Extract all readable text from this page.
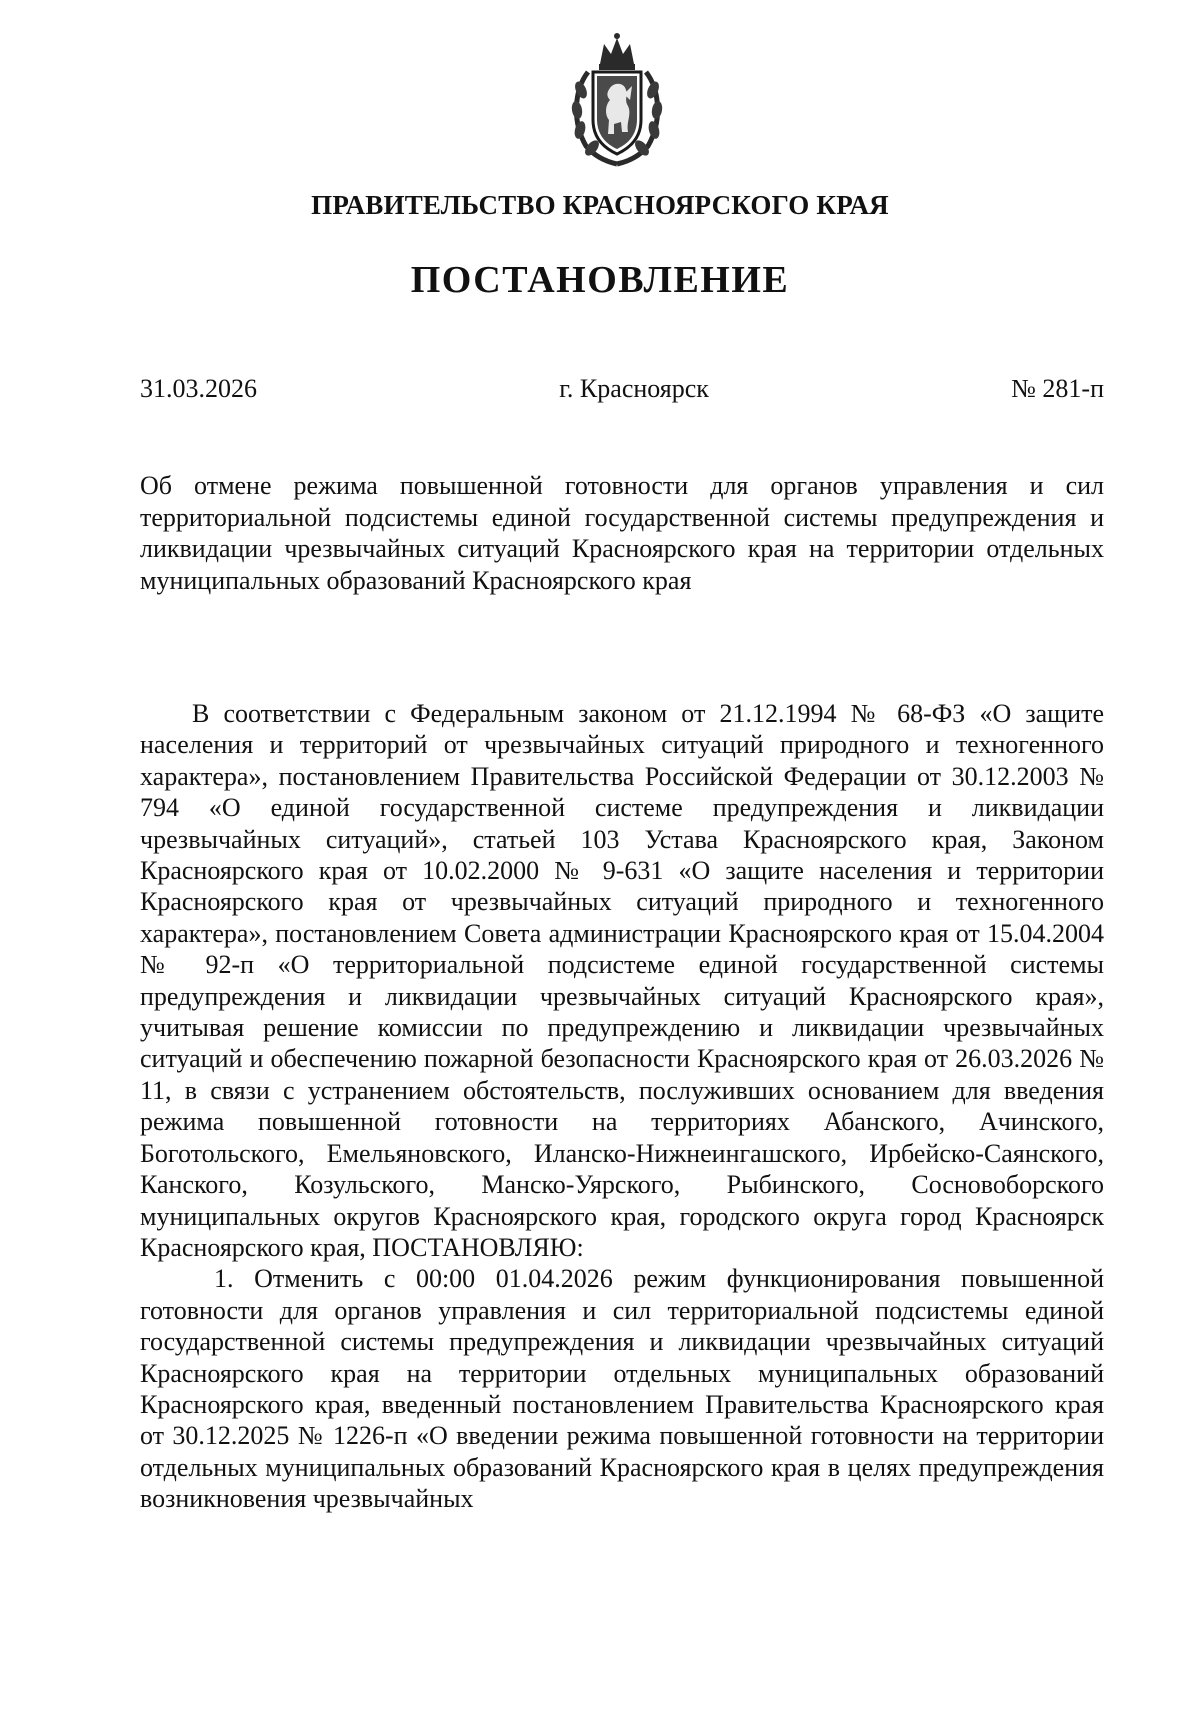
ПРАВИТЕЛЬСТВО КРАСНОЯРСКОГО КРАЯ
ПОСТАНОВЛЕНИЕ
31.03.2026	г. Красноярск	№ 281-п
Об отмене режима повышенной готовности для органов управления и сил территориальной подсистемы единой государственной системы предупреждения и ликвидации чрезвычайных ситуаций Красноярского края на территории отдельных муниципальных образований Красноярского края

В соответствии с Федеральным законом от 21.12.1994 № 68-ФЗ «О защите населения и территорий от чрезвычайных ситуаций природного и техногенного характера», постановлением Правительства Российской Федерации от 30.12.2003 № 794 «О единой государственной системе предупреждения и ликвидации чрезвычайных ситуаций», статьей 103 Устава Красноярского края, Законом Красноярского края от 10.02.2000 № 9-631 «О защите населения и территории Красноярского края от чрезвычайных ситуаций природного и техногенного характера», постановлением Совета администрации Красноярского края от 15.04.2004 № 92-п «О территориальной подсистеме единой государственной системы предупреждения и ликвидации чрезвычайных ситуаций Красноярского края», учитывая решение комиссии по предупреждению и ликвидации чрезвычайных ситуаций и обеспечению пожарной безопасности Красноярского края от 26.03.2026 № 11, в связи с устранением обстоятельств, послуживших основанием для введения режима повышенной готовности на территориях Абанского, Ачинского, Боготольского, Емельяновского, Иланско-Нижнеингашского, Ирбейско-Саянского, Канского, Козульского, Манско-Уярского, Рыбинского, Сосновоборского муниципальных округов Красноярского края, городского округа город Красноярск Красноярского края, ПОСТАНОВЛЯЮ:

1. Отменить с 00:00 01.04.2026 режим функционирования повышенной готовности для органов управления и сил территориальной подсистемы единой государственной системы предупреждения и ликвидации чрезвычайных ситуаций Красноярского края на территории отдельных муниципальных образований Красноярского края, введенный постановлением Правительства Красноярского края от 30.12.2025 № 1226-п «О введении режима повышенной готовности на территории отдельных муниципальных образований Красноярского края в целях предупреждения возникновения чрезвычайных
